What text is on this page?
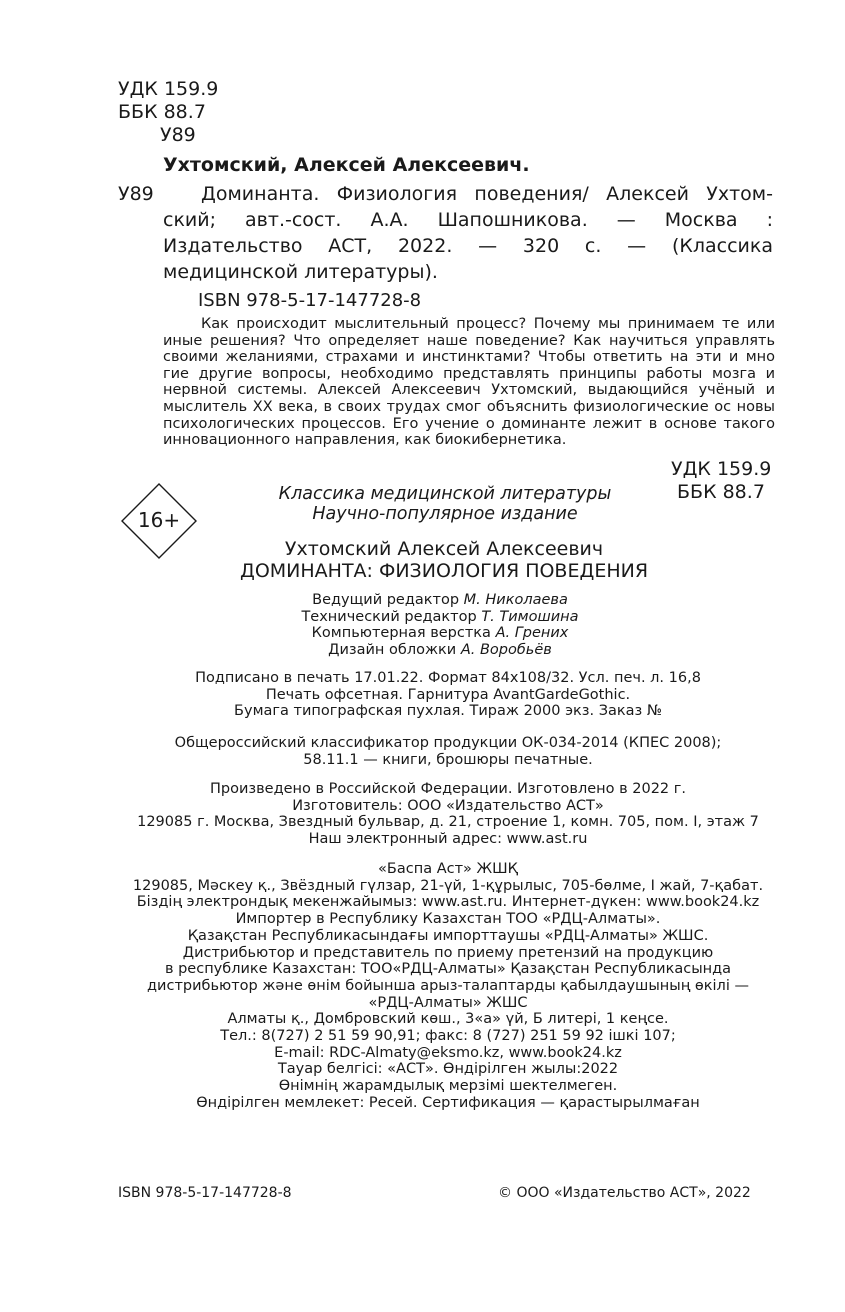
УДК 159.9
ББК 88.7
У89
Ухтомский, Алексей Алексеевич.
У89	Доминанта. Физиология поведения/ Алексей Ухтом-ский; авт.-сост. А.А. Шапошникова. — Москва : Издательство АСТ, 2022. — 320 с. — (Классика медицинской литературы).

ISBN 978-5-17-147728-8
Как происходит мыслительный процесс? Почему мы принимаем те или иные решения? Что определяет наше поведение? Как научиться управлять своими желаниями, страхами и инстинктами? Чтобы ответить на эти и мно гие другие вопросы, необходимо представлять принципы работы мозга и нервной системы. Алексей Алексеевич Ухтомский, выдающийся учёный и мыслитель XX века, в своих трудах смог объяснить физиологические ос новы психологических процессов. Его учение о доминанте лежит в основе такого инновационного направления, как биокибернетика.
УДК 159.9
ББК 88.7
16+
Классика медицинской литературы
Научно-популярное издание
Ухтомский Алексей Алексеевич
ДОМИНАНТА: ФИЗИОЛОГИЯ ПОВЕДЕНИЯ
Ведущий редактор М. Николаева
Технический редактор Т. Тимошина
Компьютерная верстка А. Грених
Дизайн обложки А. Воробьёв
Подписано в печать 17.01.22. Формат 84х108/32. Усл. печ. л. 16,8
Печать офсетная. Гарнитура AvantGardeGothic.
Бумага типографская пухлая. Тираж 2000 экз. Заказ №
Общероссийский классификатор продукции ОК-034-2014 (КПЕС 2008);
58.11.1 — книги, брошюры печатные.
Произведено в Российской Федерации. Изготовлено в 2022 г.
Изготовитель: ООО «Издательство АСТ»
129085 г. Москва, Звездный бульвар, д. 21, строение 1, комн. 705, пом. I, этаж 7
Наш электронный адрес: www.ast.ru
«Баспа Аст» ЖШҚ
129085, Мәскеу қ., Звёздный гүлзар, 21-үй, 1-құрылыс, 705-бөлме, I жай, 7-қабат.
Біздің электрондық мекенжайымыз: www.ast.ru. Интернет-дүкен: www.book24.kz
Импортер в Республику Казахстан ТОО «РДЦ-Алматы».
Қазақстан Республикасындағы импорттаушы «РДЦ-Алматы» ЖШС.
Дистрибьютор и представитель по приему претензий на продукцию
в республике Казахстан: ТОО«РДЦ-Алматы» Қазақстан Республикасында
дистрибьютор және өнім бойынша арыз-талаптарды қабылдаушының өкілі —
«РДЦ-Алматы» ЖШС
Алматы қ., Домбровский көш., 3«а» үй, Б литері, 1 кеңсе.
Тел.: 8(727) 2 51 59 90,91; факс: 8 (727) 251 59 92 ішкі 107;
E-mail: RDC-Almaty@eksmo.kz, www.book24.kz
Тауар белгісі: «АСТ». Өндірілген жылы:2022
Өнімнің жарамдылық мерзімі шектелмеген.
Өндірілген мемлекет: Ресей. Сертификация — қарастырылмаған
ISBN 978-5-17-147728-8	© ООО «Издательство АСТ», 2022
